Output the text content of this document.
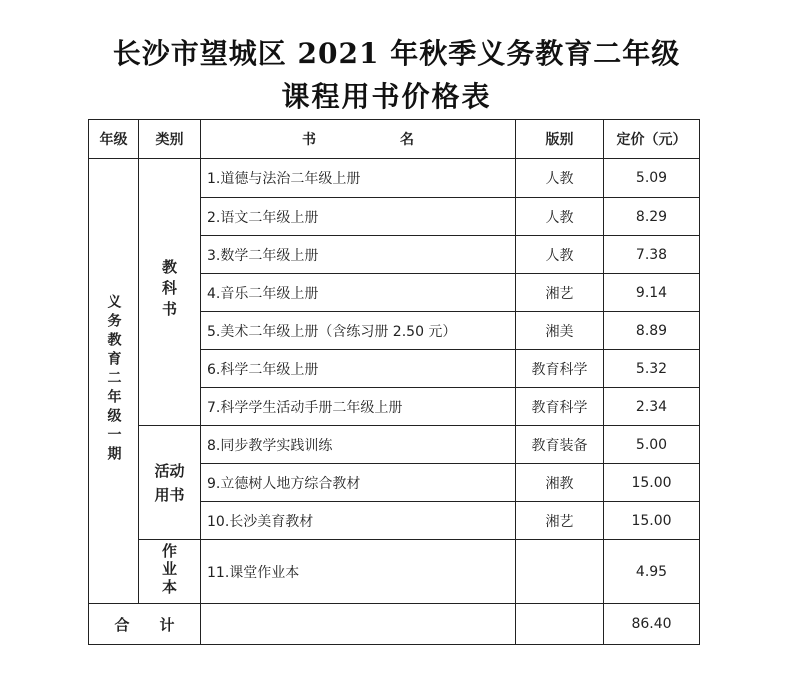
长沙市望城区 2021 年秋季义务教育二年级
课程用书价格表
年级	类别	书　　　　　　名	版别	定价（元）
义务教育二年级一期	教科书	1.道德与法治二年级上册	人教	5.09
		2.语文二年级上册	人教	8.29
		3.数学二年级上册	人教	7.38
		4.音乐二年级上册	湘艺	9.14
		5.美术二年级上册（含练习册 2.50 元）	湘美	8.89
		6.科学二年级上册	教育科学	5.32
		7.科学学生活动手册二年级上册	教育科学	2.34

	活动用书	8.同步教学实践训练	教育装备	5.00
		9.立德树人地方综合教材	湘教	15.00
		10.长沙美育教材	湘艺	15.00
	作业本	11.课堂作业本		4.95
合　　计				86.40
